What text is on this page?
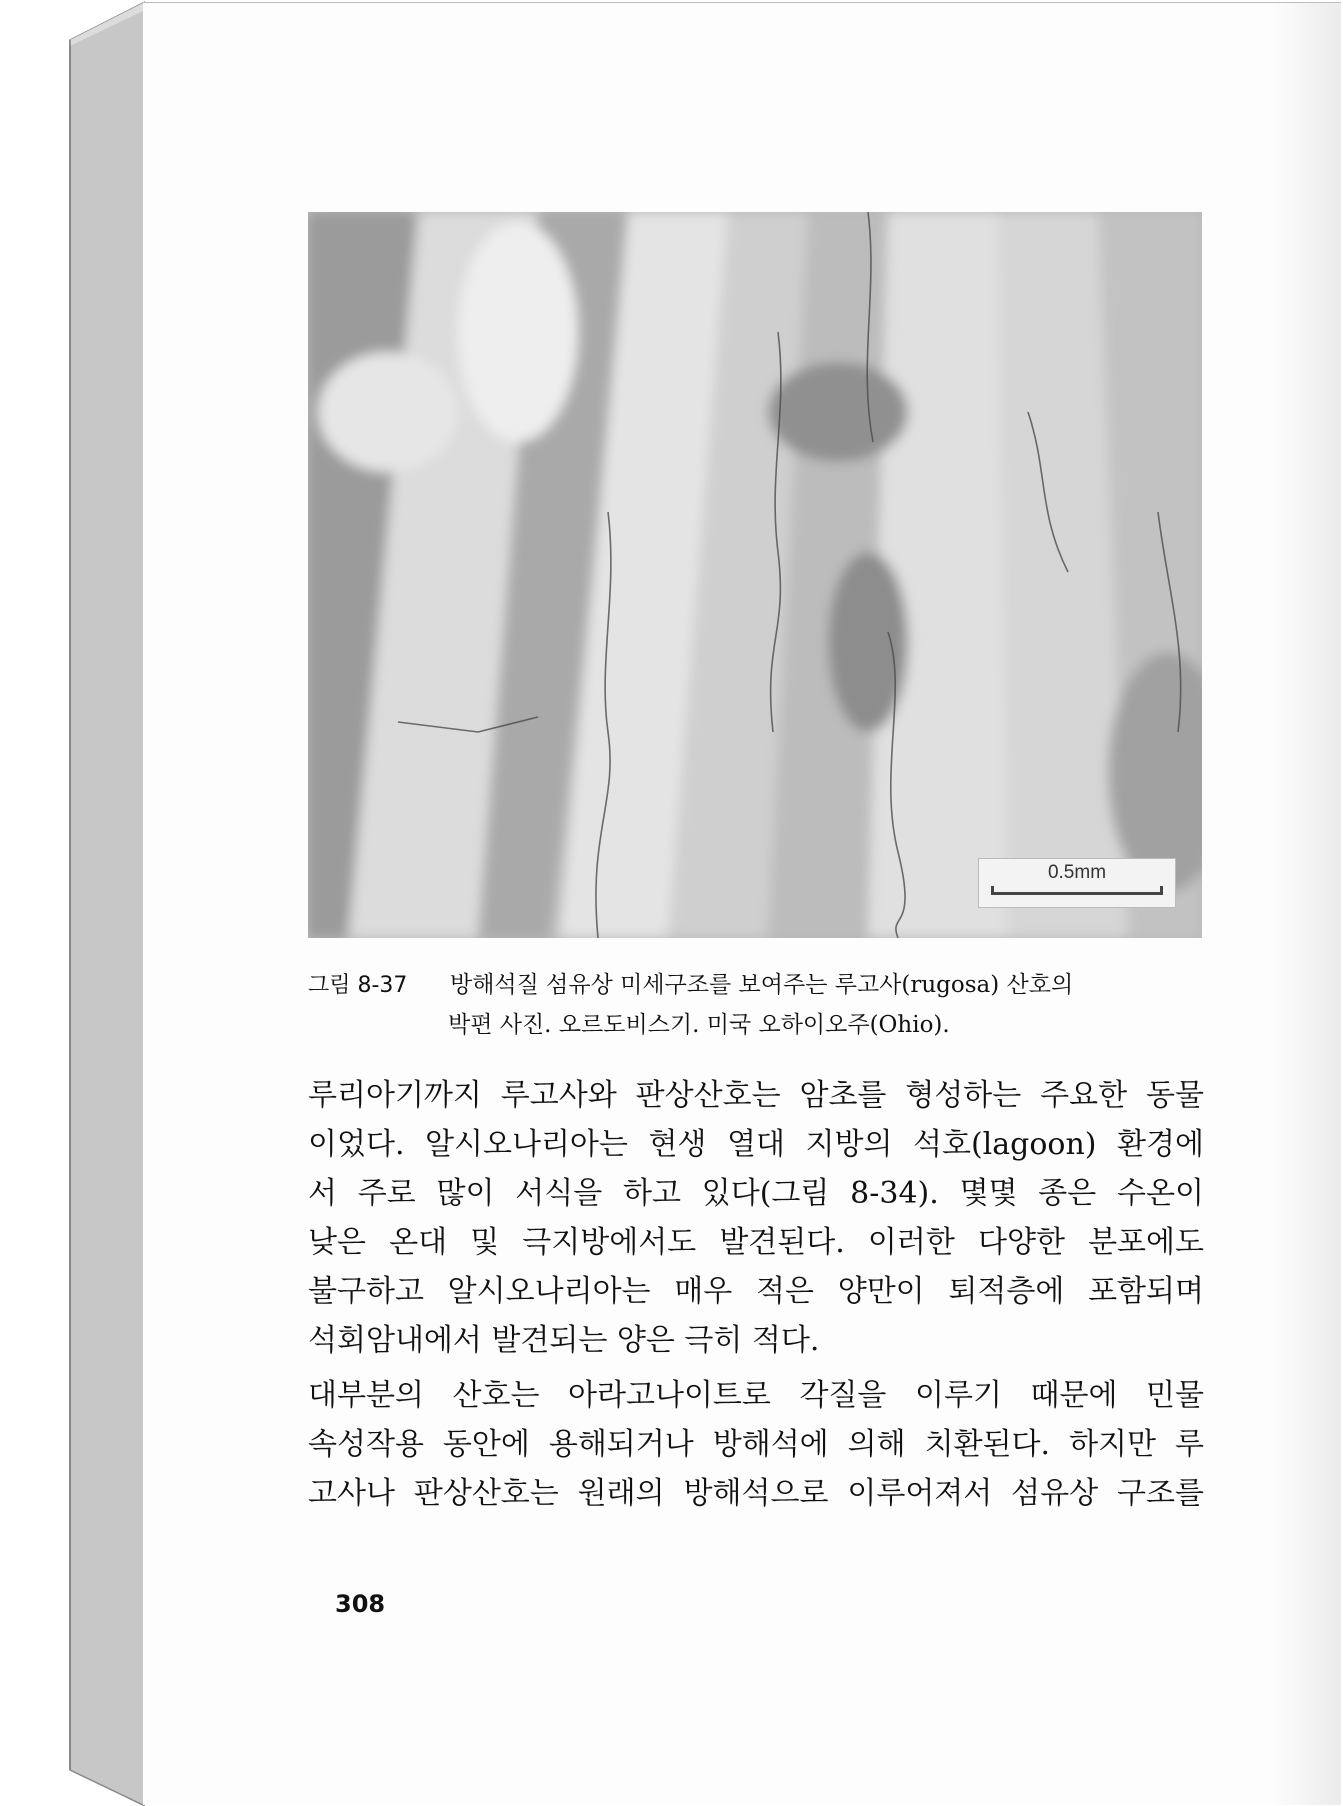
0.5mm
그림 8-37 방해석질 섬유상 미세구조를 보여주는 루고사(rugosa) 산호의
박편 사진. 오르도비스기. 미국 오하이오주(Ohio).
루리아기까지 루고사와 판상산호는 암초를 형성하는 주요한 동물
이었다. 알시오나리아는 현생 열대 지방의 석호(lagoon) 환경에
서 주로 많이 서식을 하고 있다(그림 8-34). 몇몇 종은 수온이
낮은 온대 및 극지방에서도 발견된다. 이러한 다양한 분포에도
불구하고 알시오나리아는 매우 적은 양만이 퇴적층에 포함되며
석회암내에서 발견되는 양은 극히 적다.
대부분의 산호는 아라고나이트로 각질을 이루기 때문에 민물
속성작용 동안에 용해되거나 방해석에 의해 치환된다. 하지만 루
고사나 판상산호는 원래의 방해석으로 이루어져서 섬유상 구조를
308
